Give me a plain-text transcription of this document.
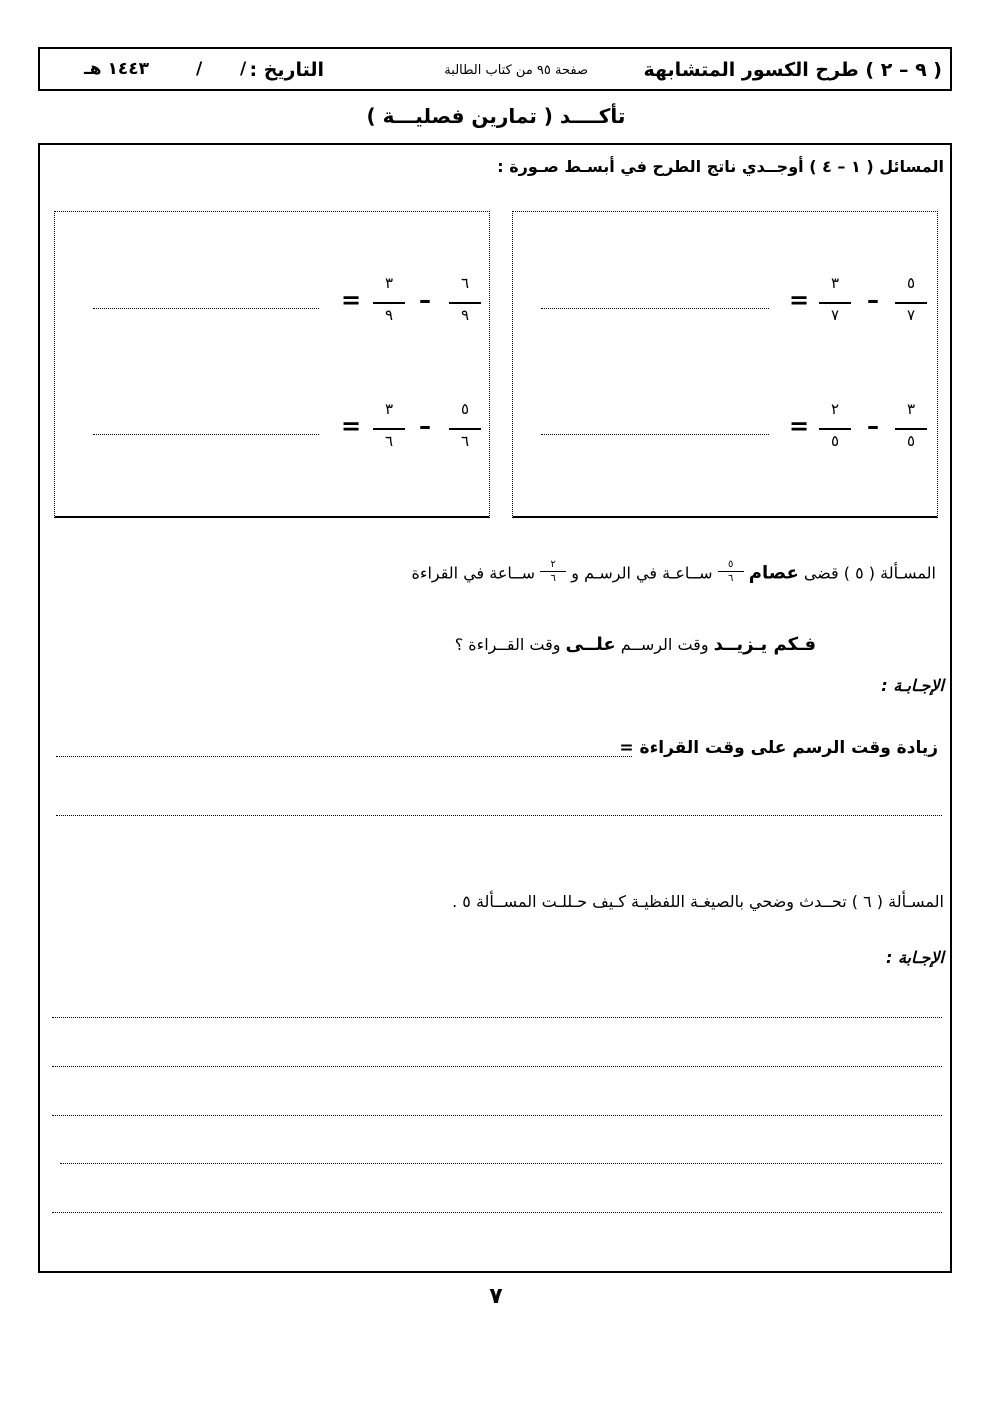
( ٩ – ٢ ) طرح الكسور المتشابهة
صفحة ٩٥ من كتاب الطالبة
التاريخ :
/
/
١٤٤٣ هـ
تأكــــد ( تمارين فصليـــة )
المسائل ( ١ – ٤ ) أوجــدي ناتج الطرح في أبسـط صـورة :
٥
٧
–
٣
٧
=
٣
٥
–
٢
٥
=
٦
٩
–
٣
٩
=
٥
٦
–
٣
٦
=
المسـألة ( ٥ ) قضى عصام
$\frac{٥}{٦}$
ســاعـة في الرسـم و
$\frac{٢}{٦}$
ســاعة في القراءة
فـكم يـزيــد وقت الرســم علــى وقت القــراءة ؟
الإجـابـة :
زيادة وقت الرسم على وقت القراءة =
المسـألة ( ٦ ) تحــدث وضحي بالصيغـة اللفظيـة كـيف حـللـت المســألة ٥ .
الإجـابة :
٧
